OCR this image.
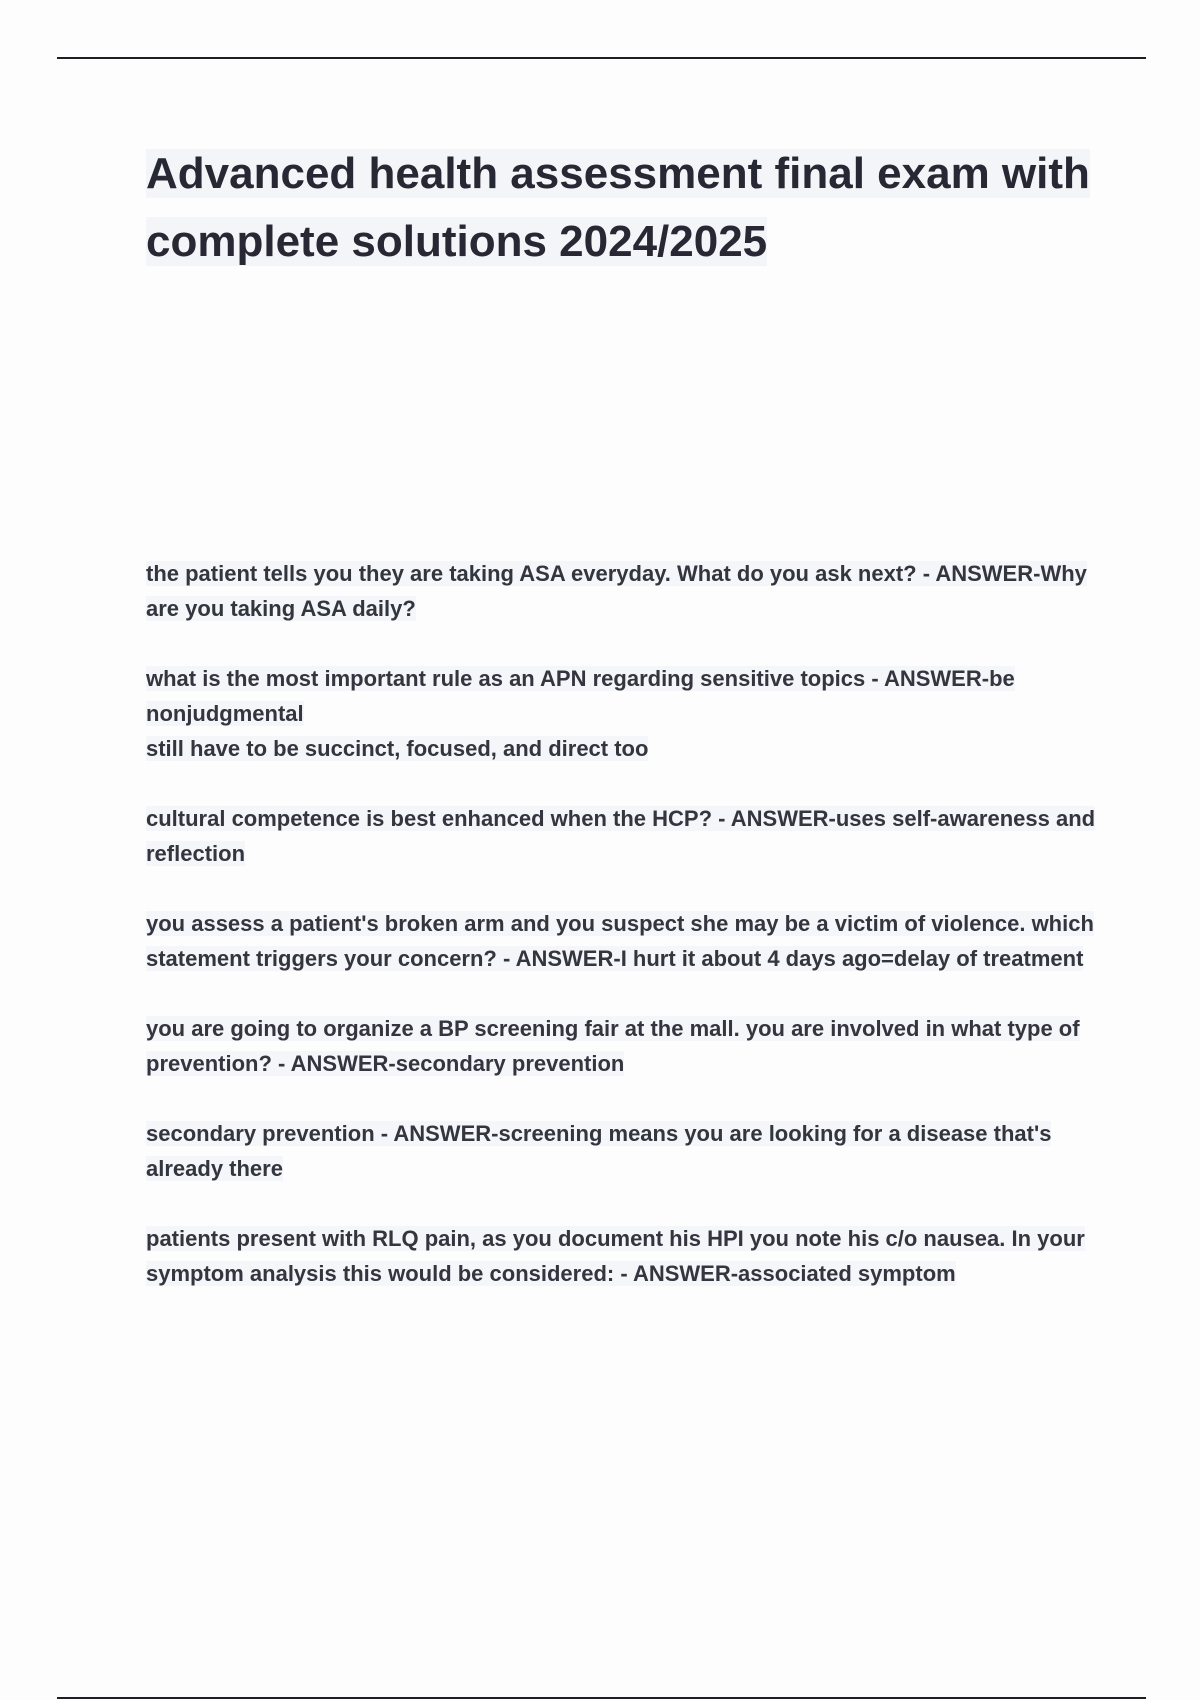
Advanced health assessment final exam with complete solutions 2024/2025
the patient tells you they are taking ASA everyday. What do you ask next? - ANSWER-Why are you taking ASA daily?
what is the most important rule as an APN regarding sensitive topics - ANSWER-be nonjudgmental
still have to be succinct, focused, and direct too
cultural competence is best enhanced when the HCP? - ANSWER-uses self-awareness and reflection
you assess a patient's broken arm and you suspect she may be a victim of violence. which statement triggers your concern? - ANSWER-I hurt it about 4 days ago=delay of treatment
you are going to organize a BP screening fair at the mall. you are involved in what type of prevention? - ANSWER-secondary prevention
secondary prevention - ANSWER-screening means you are looking for a disease that's already there
patients present with RLQ pain, as you document his HPI you note his c/o nausea. In your symptom analysis this would be considered: - ANSWER-associated symptom
